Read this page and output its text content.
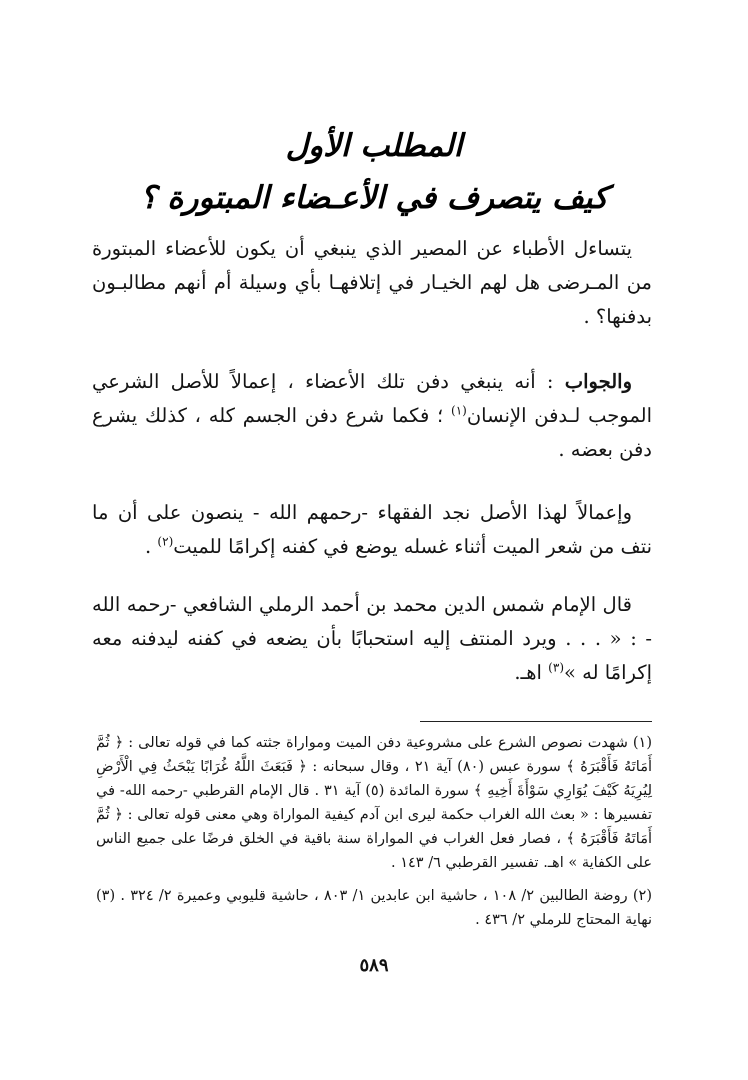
المطلب الأول
كيف يتصرف في الأعـضاء المبتورة ؟
يتساءل الأطباء عن المصير الذي ينبغي أن يكون للأعضاء المبتورة من المـرضى هل لهم الخيـار في إتلافهـا بأي وسيلة أم أنهم مطالبـون بدفنها؟ .
والجواب : أنه ينبغي دفن تلك الأعضاء ، إعمالاً للأصل الشرعي الموجب لـدفن الإنسان$^{(١)}$ ؛ فكما شرع دفن الجسم كله ، كذلك يشرع دفن بعضه .
وإعمالاً لهذا الأصل نجد الفقهاء -رحمهم الله - ينصون على أن ما نتف من شعر الميت أثناء غسله يوضع في كفنه إكرامًا للميت$^{(٢)}$ .
قال الإمام شمس الدين محمد بن أحمد الرملي الشافعي -رحمه الله - : « . . . ويرد المنتف إليه استحبابًا بأن يضعه في كفنه ليدفنه معه إكرامًا له »$^{(٣)}$ اهـ.
(١) شهدت نصوص الشرع على مشروعية دفن الميت ومواراة جثته كما في قوله تعالى : ﴿ ثُمَّ أَمَاتَهُ فَأَقْبَرَهُ ﴾ سورة عبس (٨٠) آية ٢١ ، وقال سبحانه : ﴿ فَبَعَثَ اللَّهُ غُرَابًا يَبْحَثُ فِي الْأَرْضِ لِيُرِيَهُ كَيْفَ يُوَارِي سَوْأَةَ أَخِيهِ ﴾ سورة المائدة (٥) آية ٣١ . قال الإمام القرطبي -رحمه الله- في تفسيرها : « بعث الله الغراب حكمة ليرى ابن آدم كيفية المواراة وهي معنى قوله تعالى : ﴿ ثُمَّ أَمَاتَهُ فَأَقْبَرَهُ ﴾ ، فصار فعل الغراب في المواراة سنة باقية في الخلق فرضًا على جميع الناس على الكفاية » اهـ. تفسير القرطبي ٦/ ١٤٣ .
(٢) روضة الطالبين ٢/ ١٠٨ ، حاشية ابن عابدين ١/ ٨٠٣ ، حاشية قليوبي وعميرة ٢/ ٣٢٤ . (٣) نهاية المحتاج للرملي ٢/ ٤٣٦ .
٥٨٩
